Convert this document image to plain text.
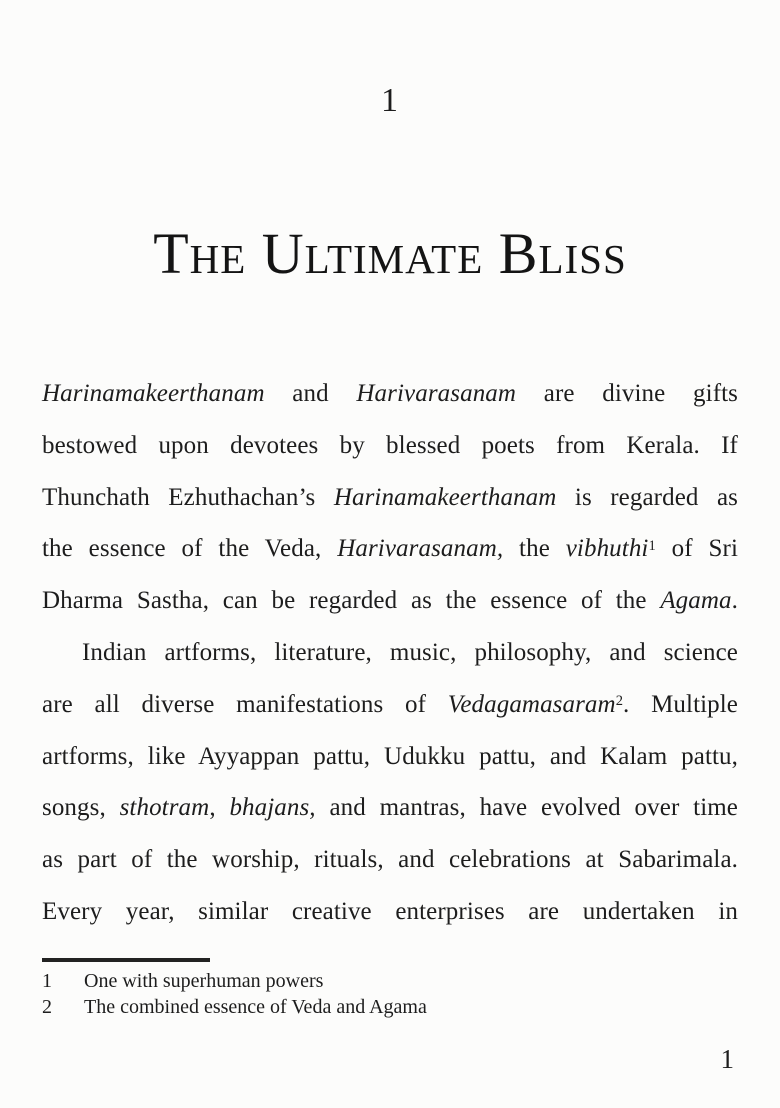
1
The Ultimate Bliss
Harinamakeerthanam and Harivarasanam are divine gifts
bestowed upon devotees by blessed poets from Kerala. If
Thunchath Ezhuthachan’s Harinamakeerthanam is regarded as
the essence of the Veda, Harivarasanam, the vibhuthi$^1$ of Sri
Dharma Sastha, can be regarded as the essence of the Agama.
Indian artforms, literature, music, philosophy, and science
are all diverse manifestations of Vedagamasaram$^2$. Multiple
artforms, like Ayyappan pattu, Udukku pattu, and Kalam pattu,
songs, sthotram, bhajans, and mantras, have evolved over time
as part of the worship, rituals, and celebrations at Sabarimala.
Every year, similar creative enterprises are undertaken in
1	One with superhuman powers
2	The combined essence of Veda and Agama
1
